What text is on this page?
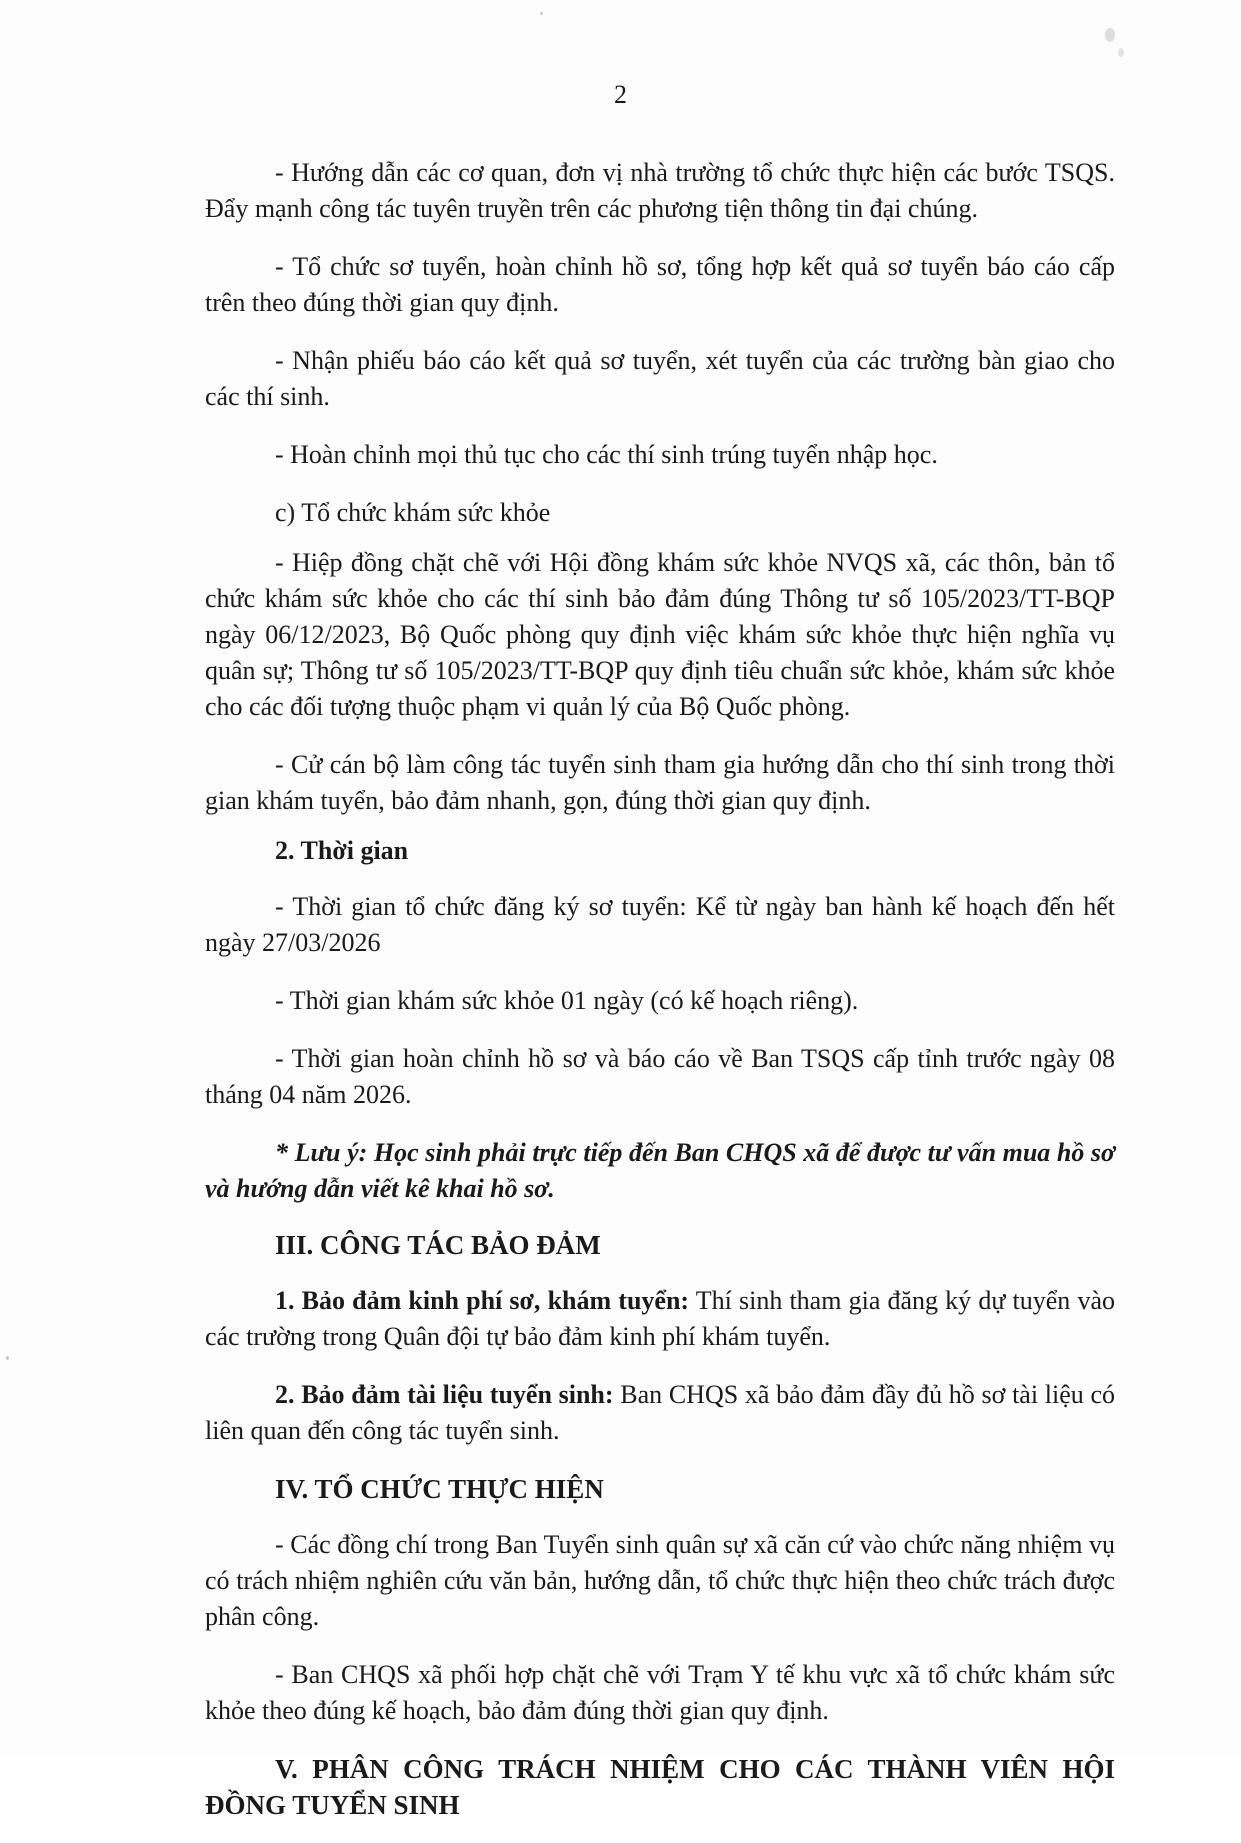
2

- Hướng dẫn các cơ quan, đơn vị nhà trường tổ chức thực hiện các bước TSQS. Đẩy mạnh công tác tuyên truyền trên các phương tiện thông tin đại chúng.

- Tổ chức sơ tuyển, hoàn chỉnh hồ sơ, tổng hợp kết quả sơ tuyển báo cáo cấp trên theo đúng thời gian quy định.

- Nhận phiếu báo cáo kết quả sơ tuyển, xét tuyển của các trường bàn giao cho các thí sinh.

- Hoàn chỉnh mọi thủ tục cho các thí sinh trúng tuyển nhập học.

c) Tổ chức khám sức khỏe

- Hiệp đồng chặt chẽ với Hội đồng khám sức khỏe NVQS xã, các thôn, bản tổ chức khám sức khỏe cho các thí sinh bảo đảm đúng Thông tư số 105/2023/TT-BQP ngày 06/12/2023, Bộ Quốc phòng quy định việc khám sức khỏe thực hiện nghĩa vụ quân sự; Thông tư số 105/2023/TT-BQP quy định tiêu chuẩn sức khỏe, khám sức khỏe cho các đối tượng thuộc phạm vi quản lý của Bộ Quốc phòng.

- Cử cán bộ làm công tác tuyển sinh tham gia hướng dẫn cho thí sinh trong thời gian khám tuyển, bảo đảm nhanh, gọn, đúng thời gian quy định.

2. Thời gian

- Thời gian tổ chức đăng ký sơ tuyển: Kể từ ngày ban hành kế hoạch đến hết ngày 27/03/2026

- Thời gian khám sức khỏe 01 ngày (có kế hoạch riêng).

- Thời gian hoàn chỉnh hồ sơ và báo cáo về Ban TSQS cấp tỉnh trước ngày 08 tháng 04 năm 2026.

* Lưu ý: Học sinh phải trực tiếp đến Ban CHQS xã để được tư vấn mua hồ sơ và hướng dẫn viết kê khai hồ sơ.

III. CÔNG TÁC BẢO ĐẢM

1. Bảo đảm kinh phí sơ, khám tuyển: Thí sinh tham gia đăng ký dự tuyển vào các trường trong Quân đội tự bảo đảm kinh phí khám tuyển.

2. Bảo đảm tài liệu tuyển sinh: Ban CHQS xã bảo đảm đầy đủ hồ sơ tài liệu có liên quan đến công tác tuyển sinh.

IV. TỔ CHỨC THỰC HIỆN

- Các đồng chí trong Ban Tuyển sinh quân sự xã căn cứ vào chức năng nhiệm vụ có trách nhiệm nghiên cứu văn bản, hướng dẫn, tổ chức thực hiện theo chức trách được phân công.

- Ban CHQS xã phối hợp chặt chẽ với Trạm Y tế khu vực xã tổ chức khám sức khỏe theo đúng kế hoạch, bảo đảm đúng thời gian quy định.

V. PHÂN CÔNG TRÁCH NHIỆM CHO CÁC THÀNH VIÊN HỘI ĐỒNG TUYỂN SINH
